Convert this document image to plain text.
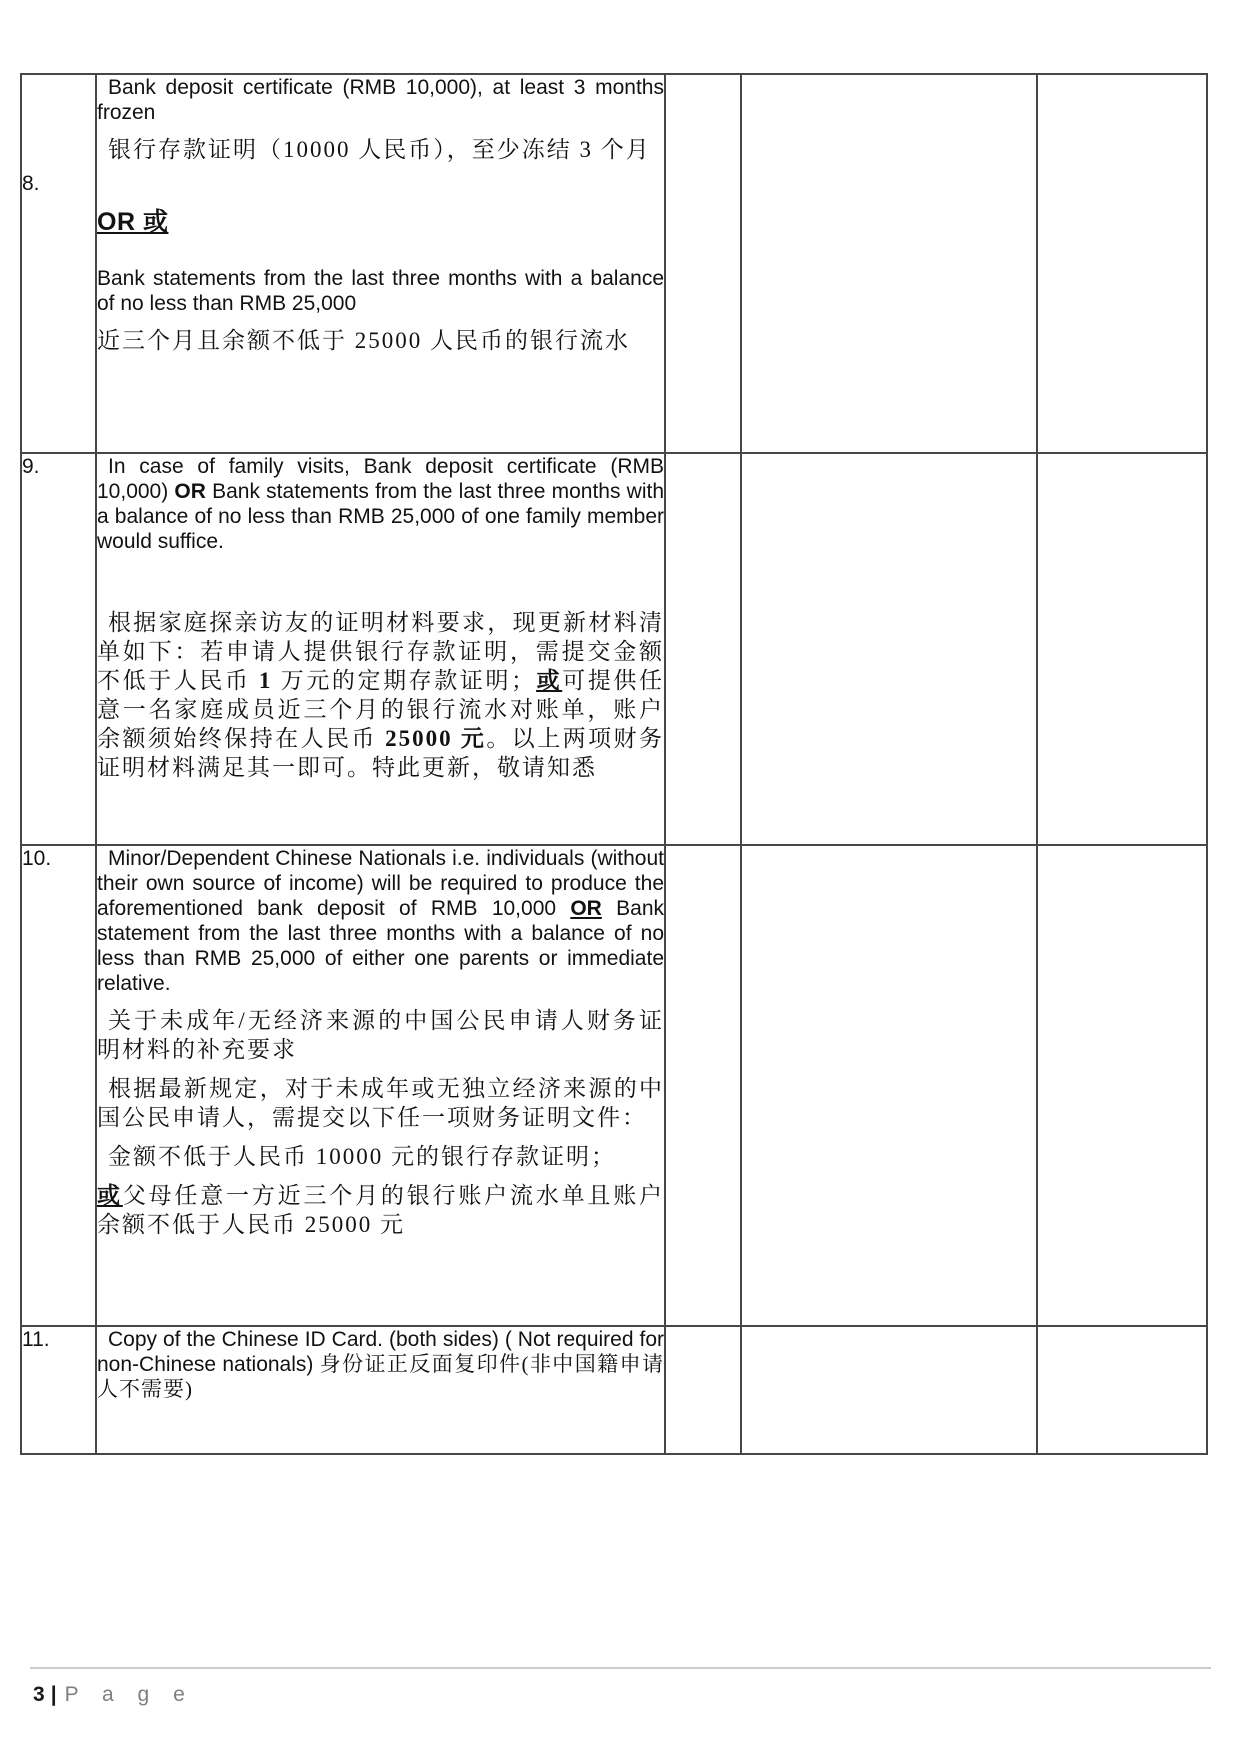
8.	Bank deposit certificate (RMB 10,000), at least 3 months frozen

银行存款证明（10000 人民币），至少冻结 3 个月

OR 或

Bank statements from the last three months with a balance of no less than RMB 25,000

近三个月且余额不低于 25000 人民币的银行流水			

9.	In case of family visits, Bank deposit certificate (RMB 10,000) OR Bank statements from the last three months with a balance of no less than RMB 25,000 of one family member would suffice.

根据家庭探亲访友的证明材料要求，现更新材料清单如下：若申请人提供银行存款证明，需提交金额不低于人民币 1 万元的定期存款证明；或可提供任意一名家庭成员近三个月的银行流水对账单，账户余额须始终保持在人民币 25000 元。以上两项财务证明材料满足其一即可。特此更新，敬请知悉			

10.	Minor/Dependent Chinese Nationals i.e. individuals (without their own source of income) will be required to produce the aforementioned bank deposit of RMB 10,000 OR Bank statement from the last three months with a balance of no less than RMB 25,000 of either one parents or immediate relative.

关于未成年/无经济来源的中国公民申请人财务证明材料的补充要求

根据最新规定，对于未成年或无独立经济来源的中国公民申请人，需提交以下任一项财务证明文件：

金额不低于人民币 10000 元的银行存款证明；

或父母任意一方近三个月的银行账户流水单且账户余额不低于人民币 25000 元			

11.	Copy of the Chinese ID Card. (both sides) ( Not required for non-Chinese nationals) 身份证正反面复印件(非中国籍申请人不需要)			

3 | P a g e
